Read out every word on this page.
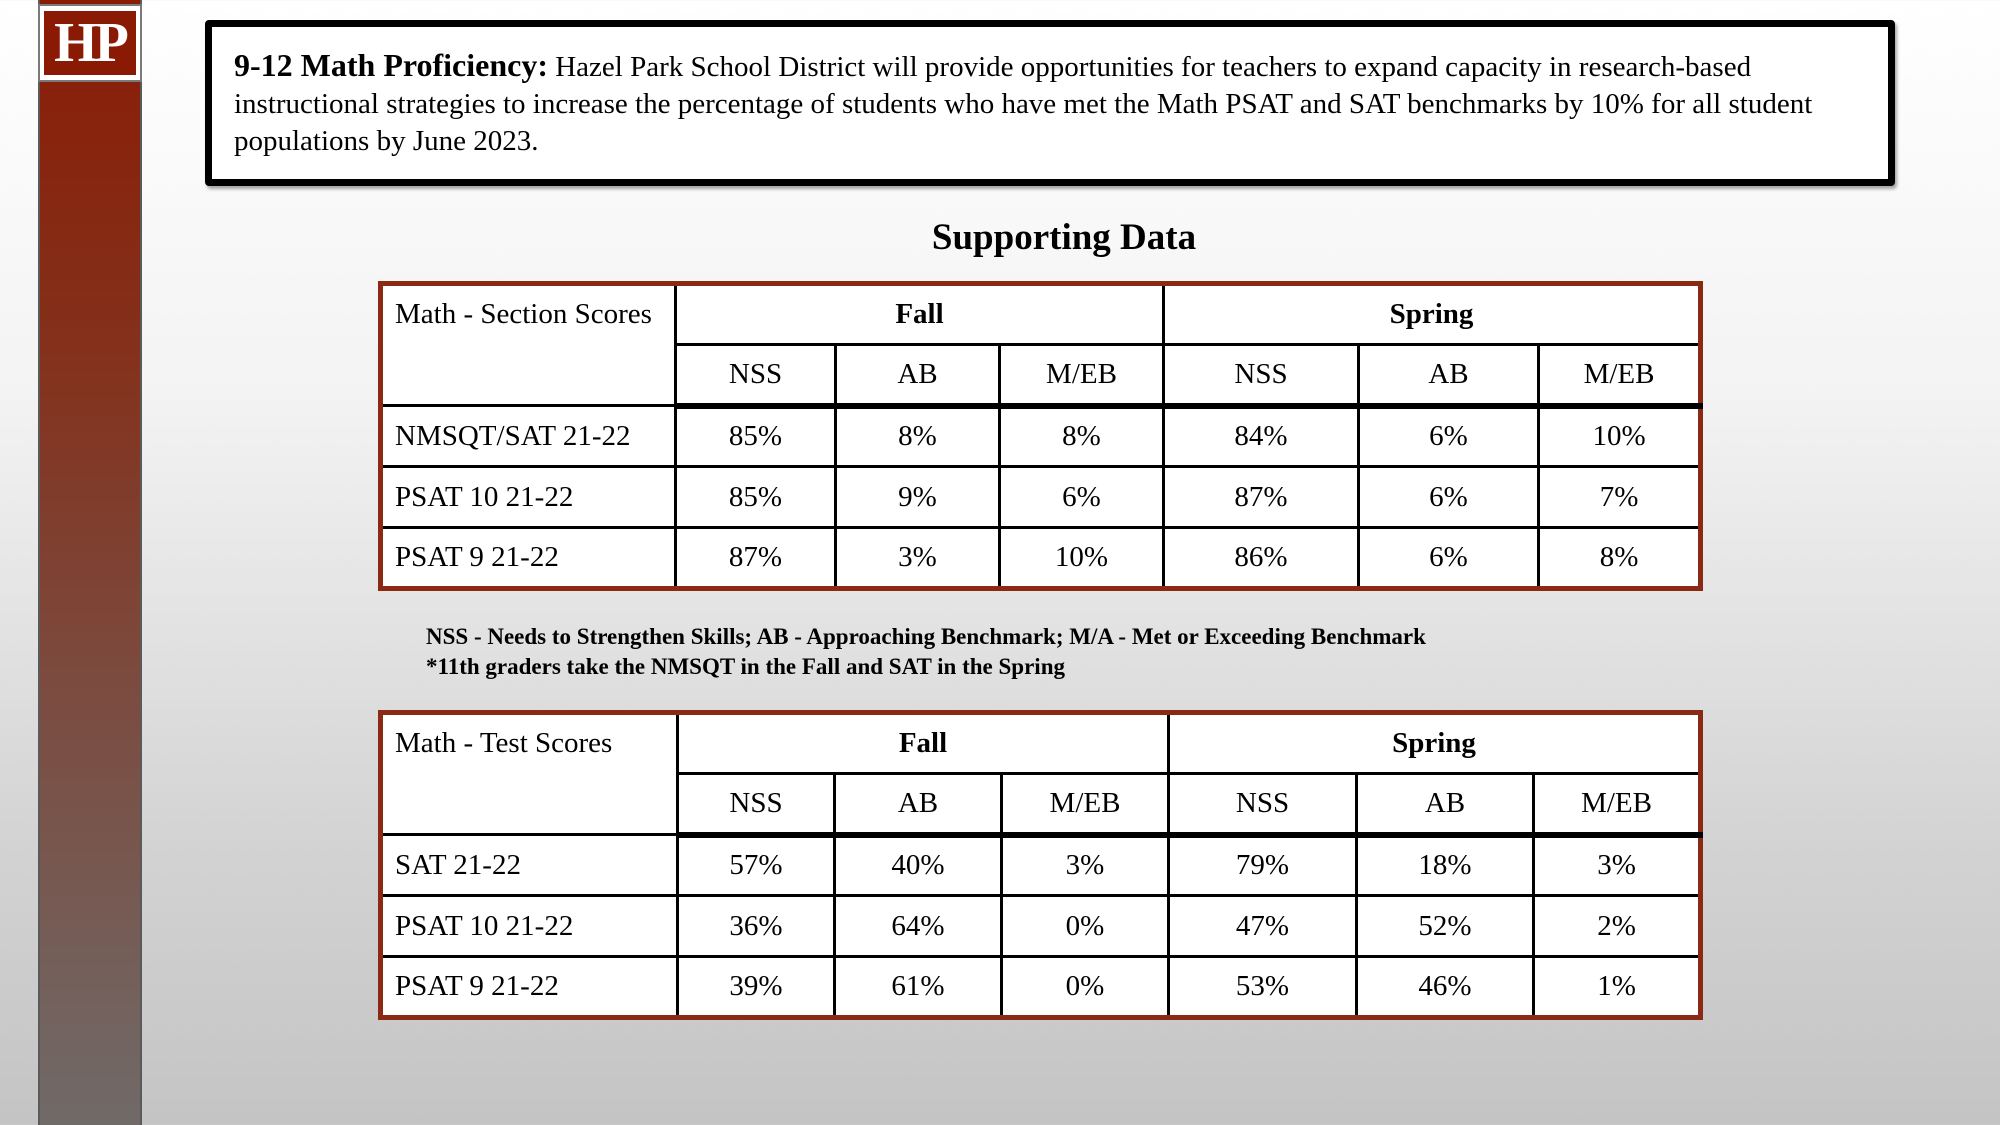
HP	9-12 Math Proficiency: Hazel Park School District will provide opportunities for teachers to expand capacity in research-based instructional strategies to increase the percentage of students who have met the Math PSAT and SAT benchmarks by 10% for all student populations by June 2023.
Supporting Data
Math - Section Scores	Fall			Spring		
	NSS	AB	M/EB	NSS	AB	M/EB
NMSQT/SAT 21-22	85%	8%	8%	84%	6%	10%
PSAT 10 21-22	85%	9%	6%	87%	6%	7%
PSAT 9 21-22	87%	3%	10%	86%	6%	8%
NSS - Needs to Strengthen Skills; AB - Approaching Benchmark; M/A - Met or Exceeding Benchmark
*11th graders take the NMSQT in the Fall and SAT in the Spring
Math - Test Scores	Fall			Spring		
	NSS	AB	M/EB	NSS	AB	M/EB
SAT 21-22	57%	40%	3%	79%	18%	3%
PSAT 10 21-22	36%	64%	0%	47%	52%	2%
PSAT 9 21-22	39%	61%	0%	53%	46%	1%
